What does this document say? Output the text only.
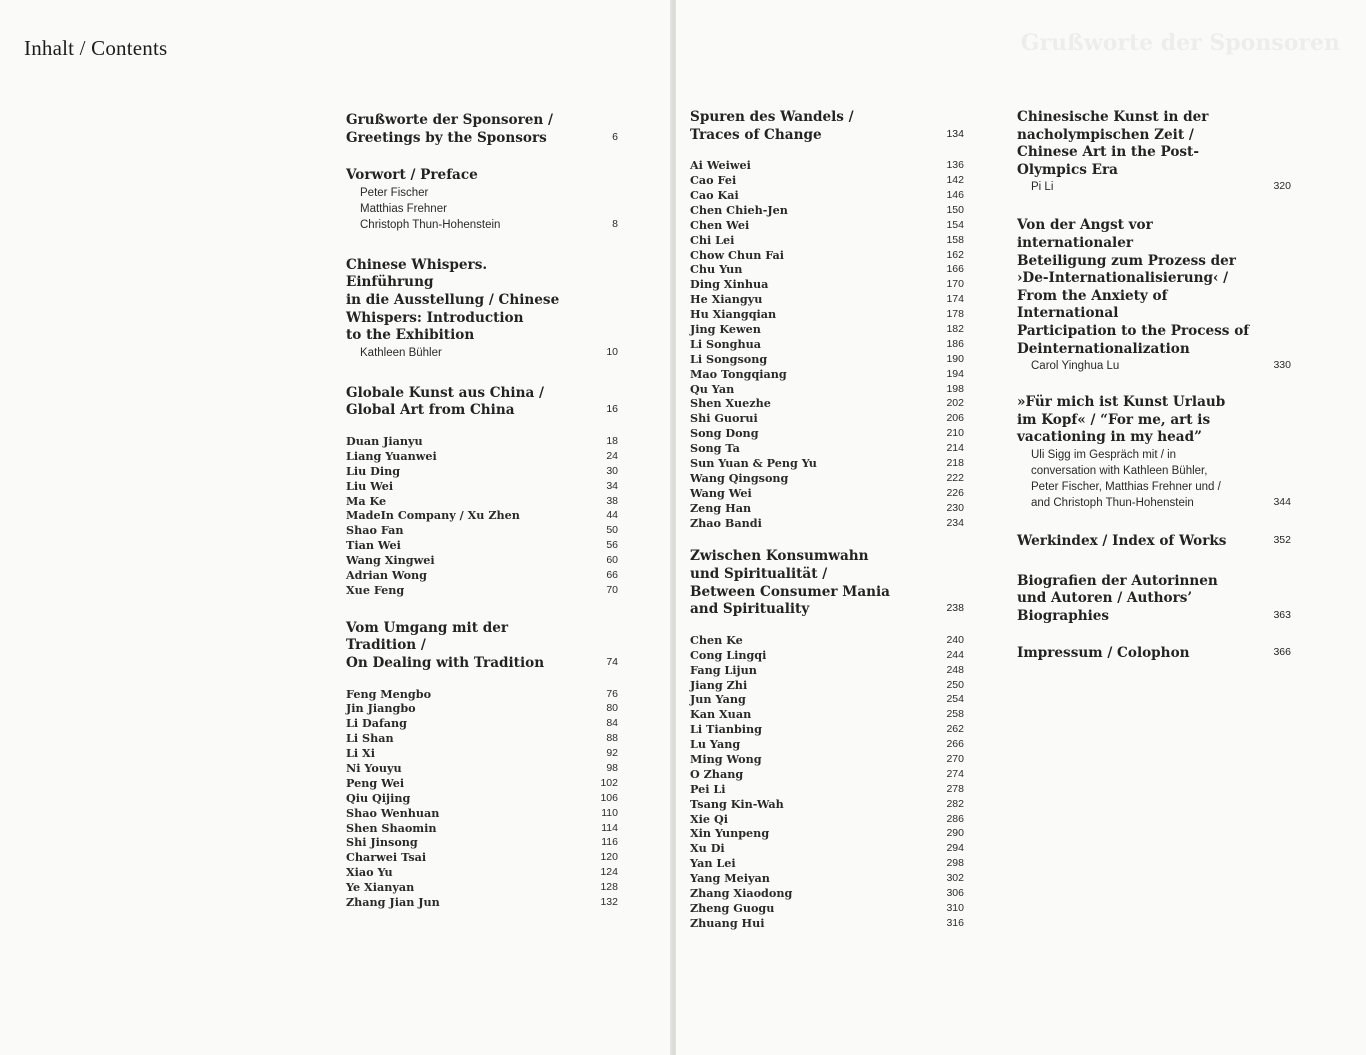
Grußworte der Sponsoren
Inhalt / Contents
Grußworte der Sponsoren /
Greetings by the Sponsors	6
Vorwort / Preface
Peter Fischer
Matthias Frehner
Christoph Thun-Hohenstein	8
Chinese Whispers. Einführung
in die Ausstellung / Chinese
Whispers: Introduction
to the Exhibition
Kathleen Bühler	10
Globale Kunst aus China /
Global Art from China	16
Duan Jianyu	18
Liang Yuanwei	24
Liu Ding	30
Liu Wei	34
Ma Ke	38
MadeIn Company / Xu Zhen	44
Shao Fan	50
Tian Wei	56
Wang Xingwei	60
Adrian Wong	66
Xue Feng	70
Vom Umgang mit der Tradition /
On Dealing with Tradition	74
Feng Mengbo	76
Jin Jiangbo	80
Li Dafang	84
Li Shan	88
Li Xi	92
Ni Youyu	98
Peng Wei	102
Qiu Qijing	106
Shao Wenhuan	110
Shen Shaomin	114
Shi Jinsong	116
Charwei Tsai	120
Xiao Yu	124
Ye Xianyan	128
Zhang Jian Jun	132
Spuren des Wandels /
Traces of Change	134
Ai Weiwei	136
Cao Fei	142
Cao Kai	146
Chen Chieh-Jen	150
Chen Wei	154
Chi Lei	158
Chow Chun Fai	162
Chu Yun	166
Ding Xinhua	170
He Xiangyu	174
Hu Xiangqian	178
Jing Kewen	182
Li Songhua	186
Li Songsong	190
Mao Tongqiang	194
Qu Yan	198
Shen Xuezhe	202
Shi Guorui	206
Song Dong	210
Song Ta	214
Sun Yuan & Peng Yu	218
Wang Qingsong	222
Wang Wei	226
Zeng Han	230
Zhao Bandi	234
Zwischen Konsumwahn
und Spiritualität /
Between Consumer Mania
and Spirituality	238
Chen Ke	240
Cong Lingqi	244
Fang Lijun	248
Jiang Zhi	250
Jun Yang	254
Kan Xuan	258
Li Tianbing	262
Lu Yang	266
Ming Wong	270
O Zhang	274
Pei Li	278
Tsang Kin-Wah	282
Xie Qi	286
Xin Yunpeng	290
Xu Di	294
Yan Lei	298
Yang Meiyan	302
Zhang Xiaodong	306
Zheng Guogu	310
Zhuang Hui	316
Chinesische Kunst in der
nacholympischen Zeit /
Chinese Art in the Post-
Olympics Era
Pi Li	320
Von der Angst vor internationaler
Beteiligung zum Prozess der
›De-Internationalisierung‹ /
From the Anxiety of International
Participation to the Process of
Deinternationalization
Carol Yinghua Lu	330
»Für mich ist Kunst Urlaub
im Kopf« / “For me, art is
vacationing in my head”
Uli Sigg im Gespräch mit / in
conversation with Kathleen Bühler,
Peter Fischer, Matthias Frehner und /
and Christoph Thun-Hohenstein	344
Werkindex / Index of Works	352
Biografien der Autorinnen
und Autoren / Authors’
Biographies	363
Impressum / Colophon	366
